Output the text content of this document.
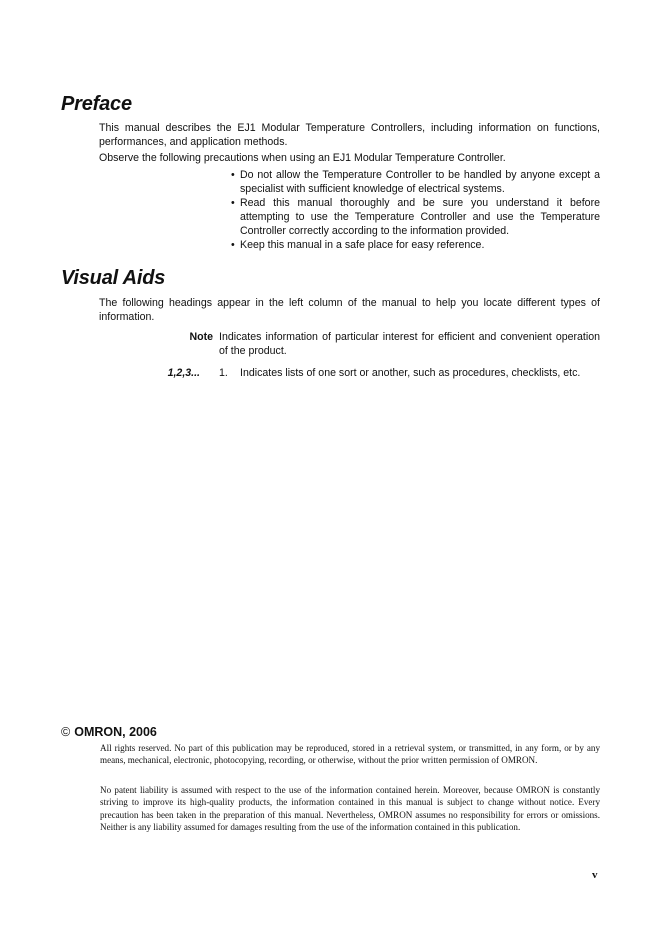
Preface

This manual describes the EJ1 Modular Temperature Controllers, including information on functions, performances, and application methods.

Observe the following precautions when using an EJ1 Modular Temperature Controller.

• Do not allow the Temperature Controller to be handled by anyone except a specialist with sufficient knowledge of electrical systems.
• Read this manual thoroughly and be sure you understand it before attempting to use the Temperature Controller and use the Temperature Controller correctly according to the information provided.
• Keep this manual in a safe place for easy reference.
Visual Aids

The following headings appear in the left column of the manual to help you locate different types of information.

Note Indicates information of particular interest for efficient and convenient operation of the product.
1,2,3... 1. Indicates lists of one sort or another, such as procedures, checklists, etc.
© OMRON, 2006

All rights reserved. No part of this publication may be reproduced, stored in a retrieval system, or transmitted, in any form, or by any means, mechanical, electronic, photocopying, recording, or otherwise, without the prior written permission of OMRON.

No patent liability is assumed with respect to the use of the information contained herein. Moreover, because OMRON is constantly striving to improve its high-quality products, the information contained in this manual is subject to change without notice. Every precaution has been taken in the preparation of this manual. Nevertheless, OMRON assumes no responsibility for errors or omissions. Neither is any liability assumed for damages resulting from the use of the information contained in this publication.

v
